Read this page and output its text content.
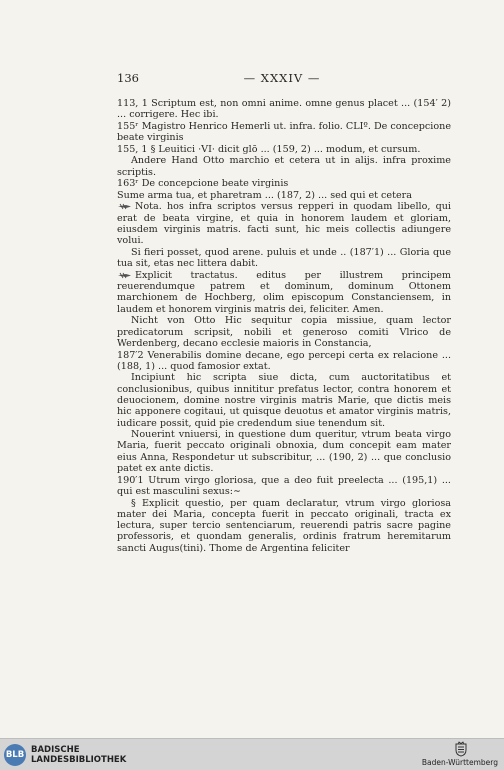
136	— XXXIV —

113, 1 Scriptum est, non omni anime. omne genus placet ... (154′ 2) ... corrigere. Hec ibi.

155ʳ Magistro Henrico Hemerli ut. infra. folio. CLIº. De concepcione beate virginis

155, 1 § Leuitici ·VI· dicit glō ... (159, 2) ... modum, et cursum.

Andere Hand Otto marchio et cetera ut in alijs. infra proxime scriptis.

163ʳ De concepcione beate virginis

Sume arma tua, et pharetram ... (187, 2) ... sed qui et cetera

Nota. hos infra scriptos versus repperi in quodam libello, qui erat de beata virgine, et quia in honorem laudem et gloriam, eiusdem virginis matris. facti sunt, hic meis collectis adiungere volui.

Si fieri posset, quod arene. puluis et unde .. (187′1) ... Gloria que tua sit, etas nec littera dabit.

Explicit tractatus. editus per illustrem principem reuerendumque patrem et dominum, dominum Ottonem marchionem de Hochberg, olim episcopum Constanciensem, in laudem et honorem virginis matris dei, feliciter. Amen.

Nicht von Otto Hic sequitur copia missiue, quam lector predicatorum scripsit, nobili et generoso comiti Vlrico de Werdenberg, decano ecclesie maioris in Constancia,

187′2 Venerabilis domine decane, ego percepi certa ex relacione ... (188, 1) ... quod famosior extat.

Incipiunt hic scripta siue dicta, cum auctoritatibus et conclusionibus, quibus innititur prefatus lector, contra honorem et deuocionem, domine nostre virginis matris Marie, que dictis meis hic apponere cogitaui, ut quisque deuotus et amator virginis matris, iudicare possit, quid pie credendum siue tenendum sit.

Nouerint vniuersi, in questione dum queritur, vtrum beata virgo Maria, fuerit peccato originali obnoxia, dum concepit eam mater eius Anna, Respondetur ut subscribitur, ... (190, 2) ... que conclusio patet ex ante dictis.

190′1 Utrum virgo gloriosa, que a deo fuit preelecta ... (195,1) ... qui est masculini sexus:∼

§ Explicit questio, per quam declaratur, vtrum virgo gloriosa mater dei Maria, concepta fuerit in peccato originali, tracta ex lectura, super tercio sentenciarum, reuerendi patris sacre pagine professoris, et quondam generalis, ordinis fratrum heremitarum sancti Augus(tini). Thome de Argentina feliciter

BLB BADISCHE
LANDESBIBLIOTHEK	Baden-Württemberg
